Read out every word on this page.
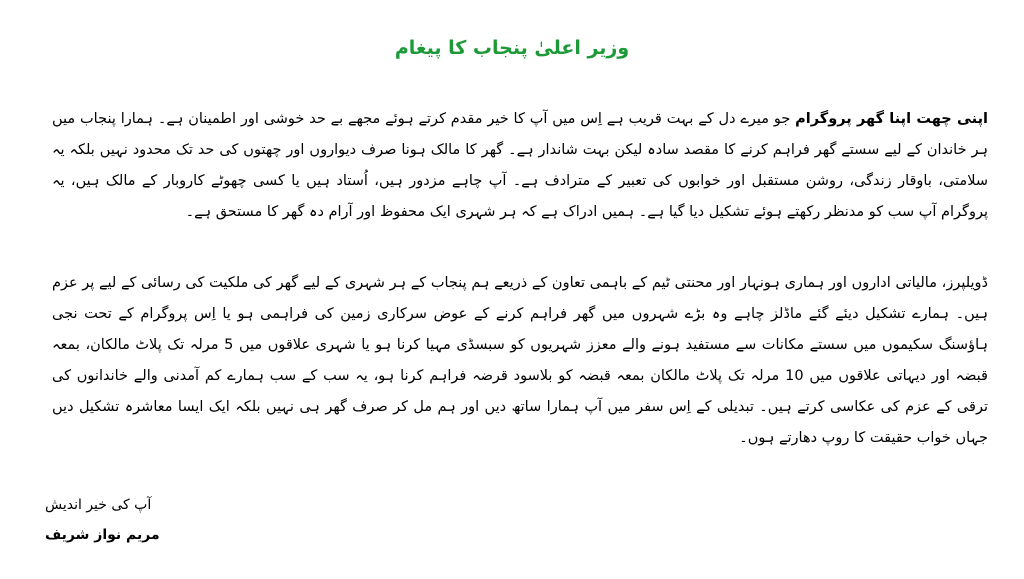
وزیر اعلیٰ پنجاب کا پیغام

اپنی چھت اپنا گھر پروگرام جو میرے دل کے بہت قریب ہے اِس میں آپ کا خیر مقدم کرتے ہوئے مجھے بے حد خوشی اور اطمینان ہے۔ ہمارا پنجاب میں ہر خاندان کے لیے سستے گھر فراہم کرنے کا مقصد سادہ لیکن بہت شاندار ہے۔ گھر کا مالک ہونا صرف دیواروں اور چھتوں کی حد تک محدود نہیں بلکہ یہ سلامتی، باوقار زندگی، روشن مستقبل اور خوابوں کی تعبیر کے مترادف ہے۔ آپ چاہے مزدور ہیں، اُستاد ہیں یا کسی چھوٹے کاروبار کے مالک ہیں، یہ پروگرام آپ سب کو مدنظر رکھتے ہوئے تشکیل دیا گیا ہے۔ ہمیں ادراک ہے کہ ہر شہری ایک محفوظ اور آرام دہ گھر کا مستحق ہے۔

ڈویلپرز، مالیاتی اداروں اور ہماری ہونہار اور محنتی ٹیم کے باہمی تعاون کے ذریعے ہم پنجاب کے ہر شہری کے لیے گھر کی ملکیت کی رسائی کے لیے پر عزم ہیں۔ ہمارے تشکیل دیئے گئے ماڈلز چاہے وہ بڑے شہروں میں گھر فراہم کرنے کے عوض سرکاری زمین کی فراہمی ہو یا اِس پروگرام کے تحت نجی ہاؤسنگ سکیموں میں سستے مکانات سے مستفید ہونے والے معزز شہریوں کو سبسڈی مہیا کرنا ہو یا شہری علاقوں میں 5 مرلہ تک پلاٹ مالکان، بمعہ قبضہ اور دیہاتی علاقوں میں 10 مرلہ تک پلاٹ مالکان بمعہ قبضہ کو بلاسود قرضہ فراہم کرنا ہو، یہ سب کے سب ہمارے کم آمدنی والے خاندانوں کی ترقی کے عزم کی عکاسی کرتے ہیں۔ تبدیلی کے اِس سفر میں آپ ہمارا ساتھ دیں اور ہم مل کر صرف گھر ہی نہیں بلکہ ایک ایسا معاشرہ تشکیل دیں جہاں خواب حقیقت کا روپ دھارتے ہوں۔

آپ کی خیر اندیش
مریم نواز شریف
